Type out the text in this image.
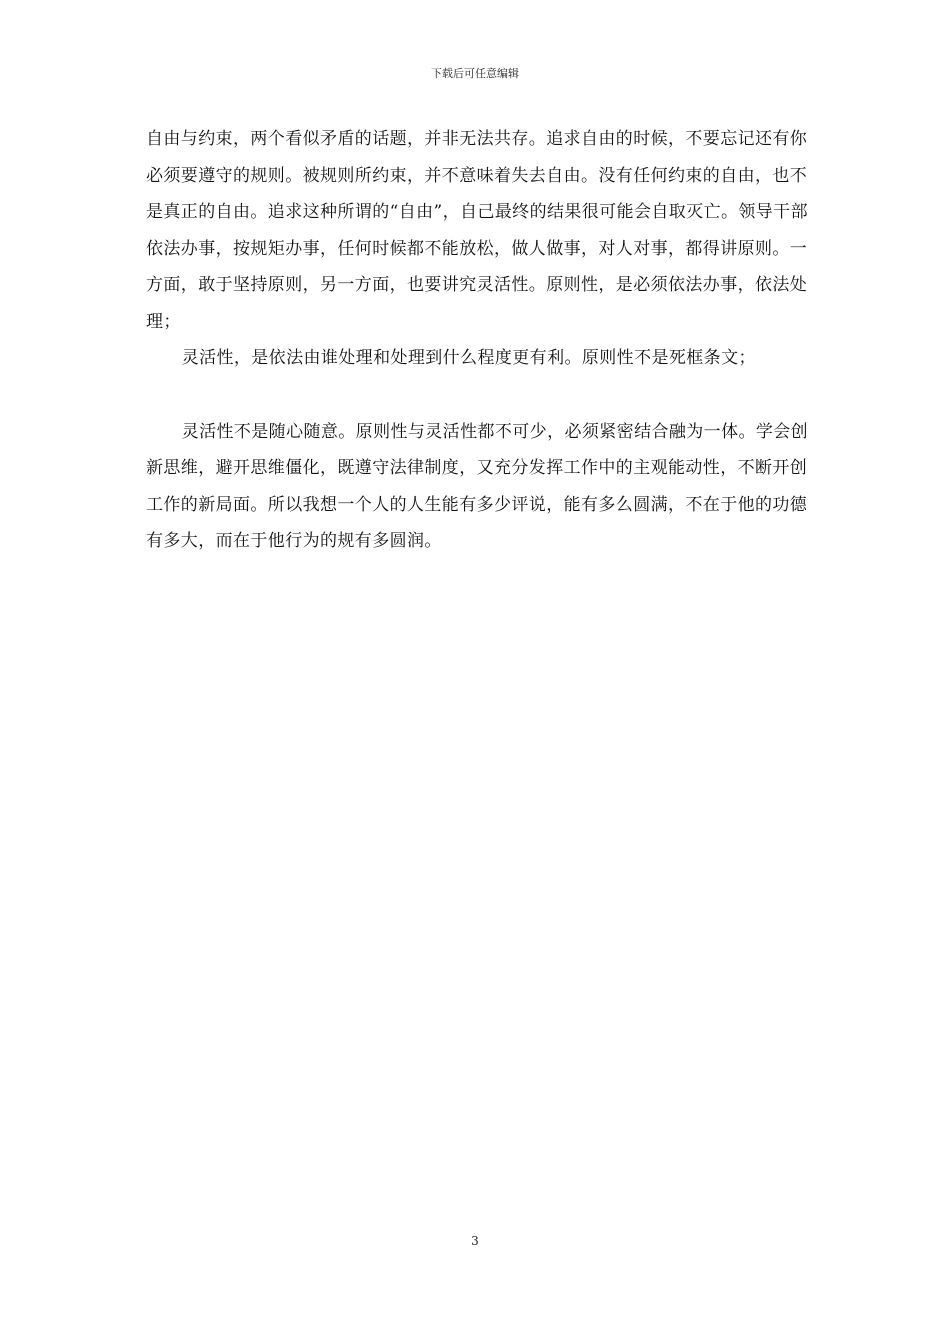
下载后可任意编辑

自由与约束，两个看似矛盾的话题，并非无法共存。追求自由的时候，不要忘记还有你必须要遵守的规则。被规则所约束，并不意味着失去自由。没有任何约束的自由，也不是真正的自由。追求这种所谓的“自由”，自己最终的结果很可能会自取灭亡。领导干部依法办事，按规矩办事，任何时候都不能放松，做人做事，对人对事，都得讲原则。一方面，敢于坚持原则，另一方面，也要讲究灵活性。原则性，是必须依法办事，依法处理；

灵活性，是依法由谁处理和处理到什么程度更有利。原则性不是死框条文；

灵活性不是随心随意。原则性与灵活性都不可少，必须紧密结合融为一体。学会创新思维，避开思维僵化，既遵守法律制度，又充分发挥工作中的主观能动性，不断开创工作的新局面。所以我想一个人的人生能有多少评说，能有多么圆满，不在于他的功德有多大，而在于他行为的规有多圆润。

3
